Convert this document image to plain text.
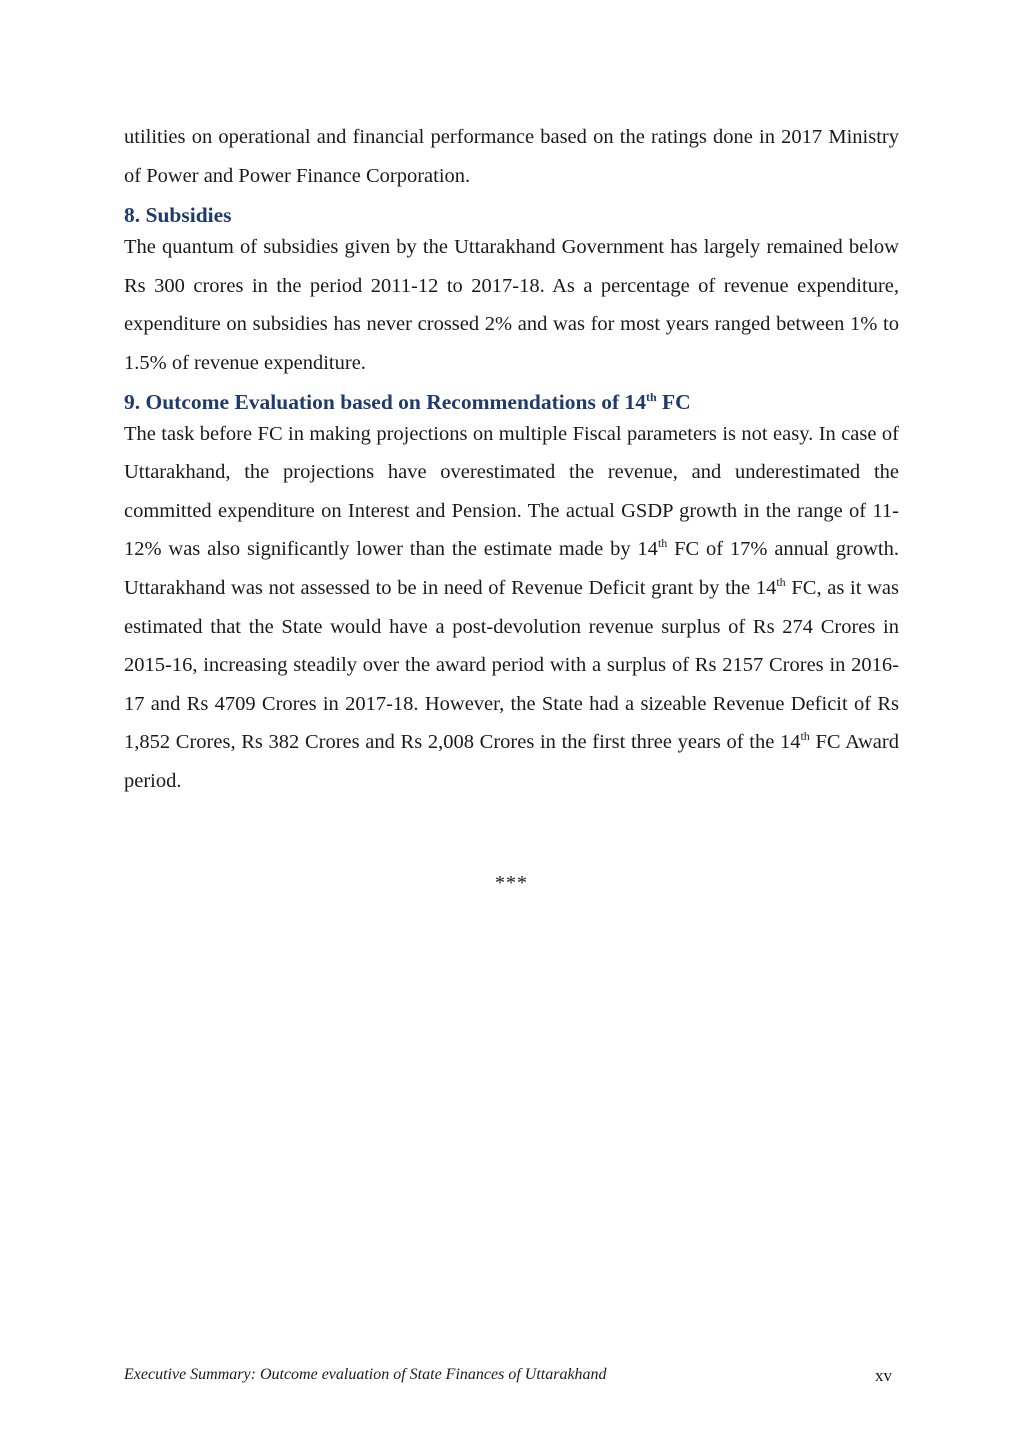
utilities on operational and financial performance based on the ratings done in 2017 Ministry of Power and Power Finance Corporation.

8. Subsidies

The quantum of subsidies given by the Uttarakhand Government has largely remained below Rs 300 crores in the period 2011-12 to 2017-18. As a percentage of revenue expenditure, expenditure on subsidies has never crossed 2% and was for most years ranged between 1% to 1.5% of revenue expenditure.

9. Outcome Evaluation based on Recommendations of 14th FC

The task before FC in making projections on multiple Fiscal parameters is not easy. In case of Uttarakhand, the projections have overestimated the revenue, and underestimated the committed expenditure on Interest and Pension. The actual GSDP growth in the range of 11-12% was also significantly lower than the estimate made by 14th FC of 17% annual growth. Uttarakhand was not assessed to be in need of Revenue Deficit grant by the 14th FC, as it was estimated that the State would have a post-devolution revenue surplus of Rs 274 Crores in 2015-16, increasing steadily over the award period with a surplus of Rs 2157 Crores in 2016-17 and Rs 4709 Crores in 2017-18. However, the State had a sizeable Revenue Deficit of Rs 1,852 Crores, Rs 382 Crores and Rs 2,008 Crores in the first three years of the 14th FC Award period.

***
Executive Summary: Outcome evaluation of State Finances of Uttarakhand	xv
